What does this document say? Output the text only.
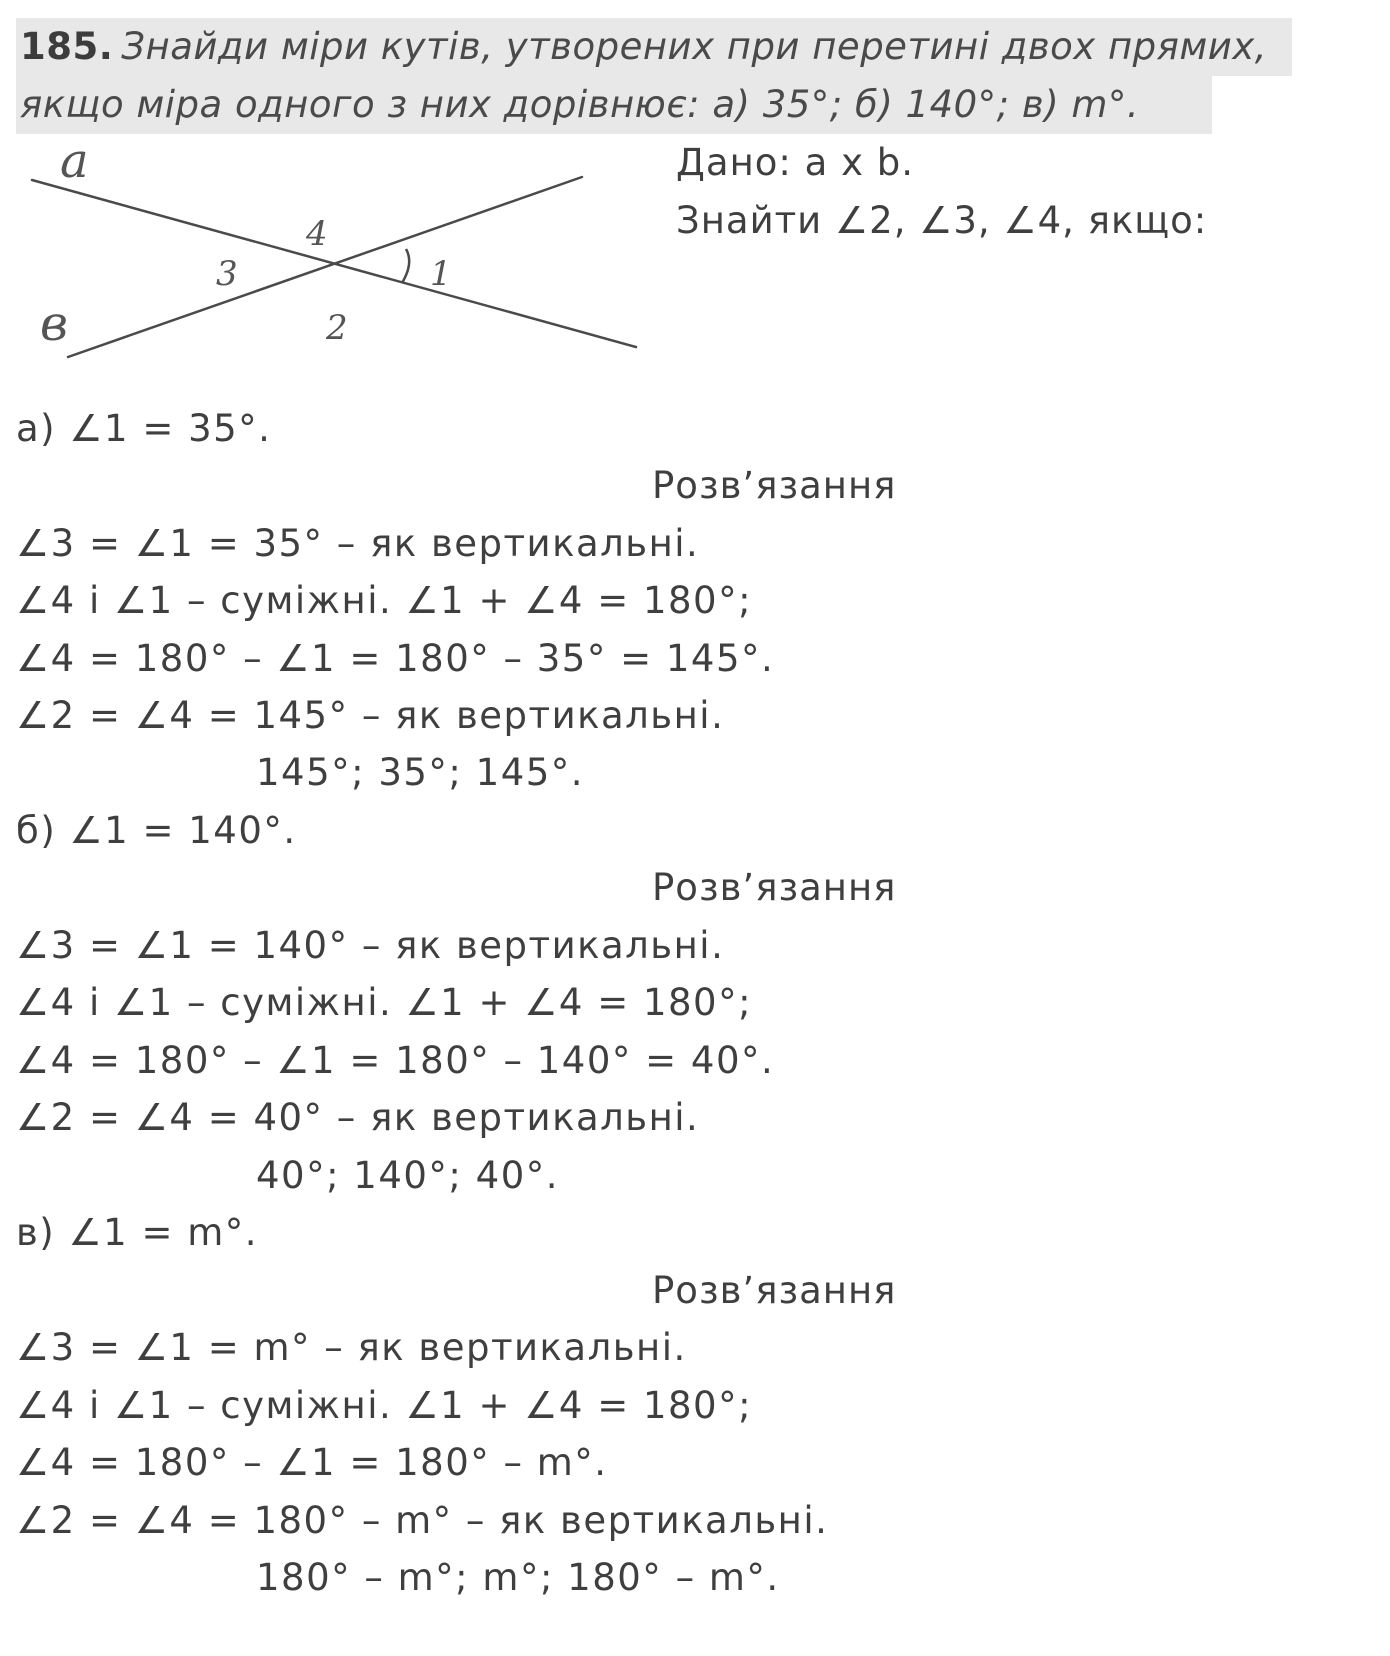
185. Знайди міри кутів, утворених при перетині двох прямих,
якщо міра одного з них дорівнює: а) 35°; б) 140°; в) m°.
a
в
1
2
3
4
Дано: a x b.
Знайти ∠2, ∠3, ∠4, якщо:
а) ∠1 = 35°.
Розв’язання
∠3 = ∠1 = 35° – як вертикальні.
∠4 і ∠1 – суміжні. ∠1 + ∠4 = 180°;
∠4 = 180° – ∠1 = 180° – 35° = 145°.
∠2 = ∠4 = 145° – як вертикальні.
145°; 35°; 145°.
б) ∠1 = 140°.
Розв’язання
∠3 = ∠1 = 140° – як вертикальні.
∠4 і ∠1 – суміжні. ∠1 + ∠4 = 180°;
∠4 = 180° – ∠1 = 180° – 140° = 40°.
∠2 = ∠4 = 40° – як вертикальні.
40°; 140°; 40°.
в) ∠1 = m°.
Розв’язання
∠3 = ∠1 = m° – як вертикальні.
∠4 і ∠1 – суміжні. ∠1 + ∠4 = 180°;
∠4 = 180° – ∠1 = 180° – m°.
∠2 = ∠4 = 180° – m° – як вертикальні.
180° – m°; m°; 180° – m°.
